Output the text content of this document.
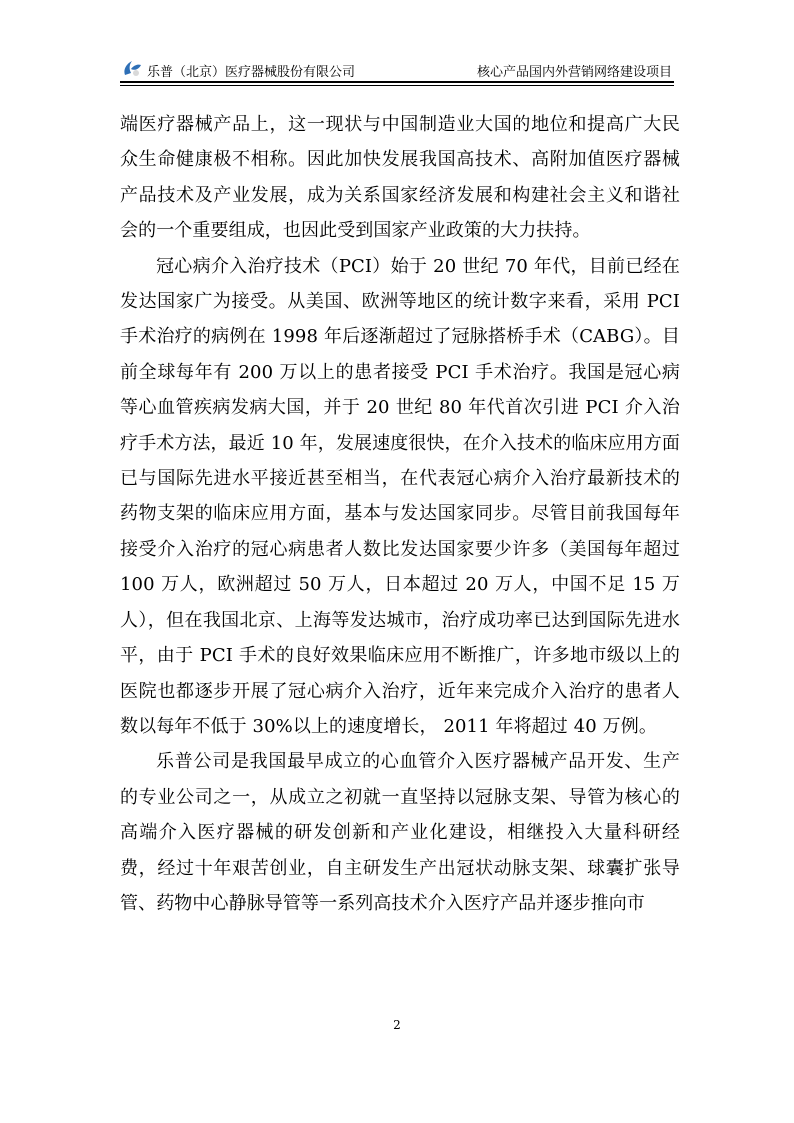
乐普（北京）医疗器械股份有限公司	核心产品国内外营销网络建设项目

端医疗器械产品上，这一现状与中国制造业大国的地位和提高广大民众生命健康极不相称。因此加快发展我国高技术、高附加值医疗器械产品技术及产业发展，成为关系国家经济发展和构建社会主义和谐社会的一个重要组成，也因此受到国家产业政策的大力扶持。

冠心病介入治疗技术（PCI）始于 20 世纪 70 年代，目前已经在发达国家广为接受。从美国、欧洲等地区的统计数字来看，采用 PCI 手术治疗的病例在 1998 年后逐渐超过了冠脉搭桥手术（CABG）。目前全球每年有 200 万以上的患者接受 PCI 手术治疗。我国是冠心病等心血管疾病发病大国，并于 20 世纪 80 年代首次引进 PCI 介入治疗手术方法，最近 10 年，发展速度很快，在介入技术的临床应用方面已与国际先进水平接近甚至相当，在代表冠心病介入治疗最新技术的药物支架的临床应用方面，基本与发达国家同步。尽管目前我国每年接受介入治疗的冠心病患者人数比发达国家要少许多（美国每年超过 100 万人，欧洲超过 50 万人，日本超过 20 万人，中国不足 15 万人），但在我国北京、上海等发达城市，治疗成功率已达到国际先进水平，由于 PCI 手术的良好效果临床应用不断推广，许多地市级以上的医院也都逐步开展了冠心病介入治疗，近年来完成介入治疗的患者人数以每年不低于 30%以上的速度增长， 2011 年将超过 40 万例。

乐普公司是我国最早成立的心血管介入医疗器械产品开发、生产的专业公司之一，从成立之初就一直坚持以冠脉支架、导管为核心的高端介入医疗器械的研发创新和产业化建设，相继投入大量科研经费，经过十年艰苦创业，自主研发生产出冠状动脉支架、球囊扩张导管、药物中心静脉导管等一系列高技术介入医疗产品并逐步推向市

2
